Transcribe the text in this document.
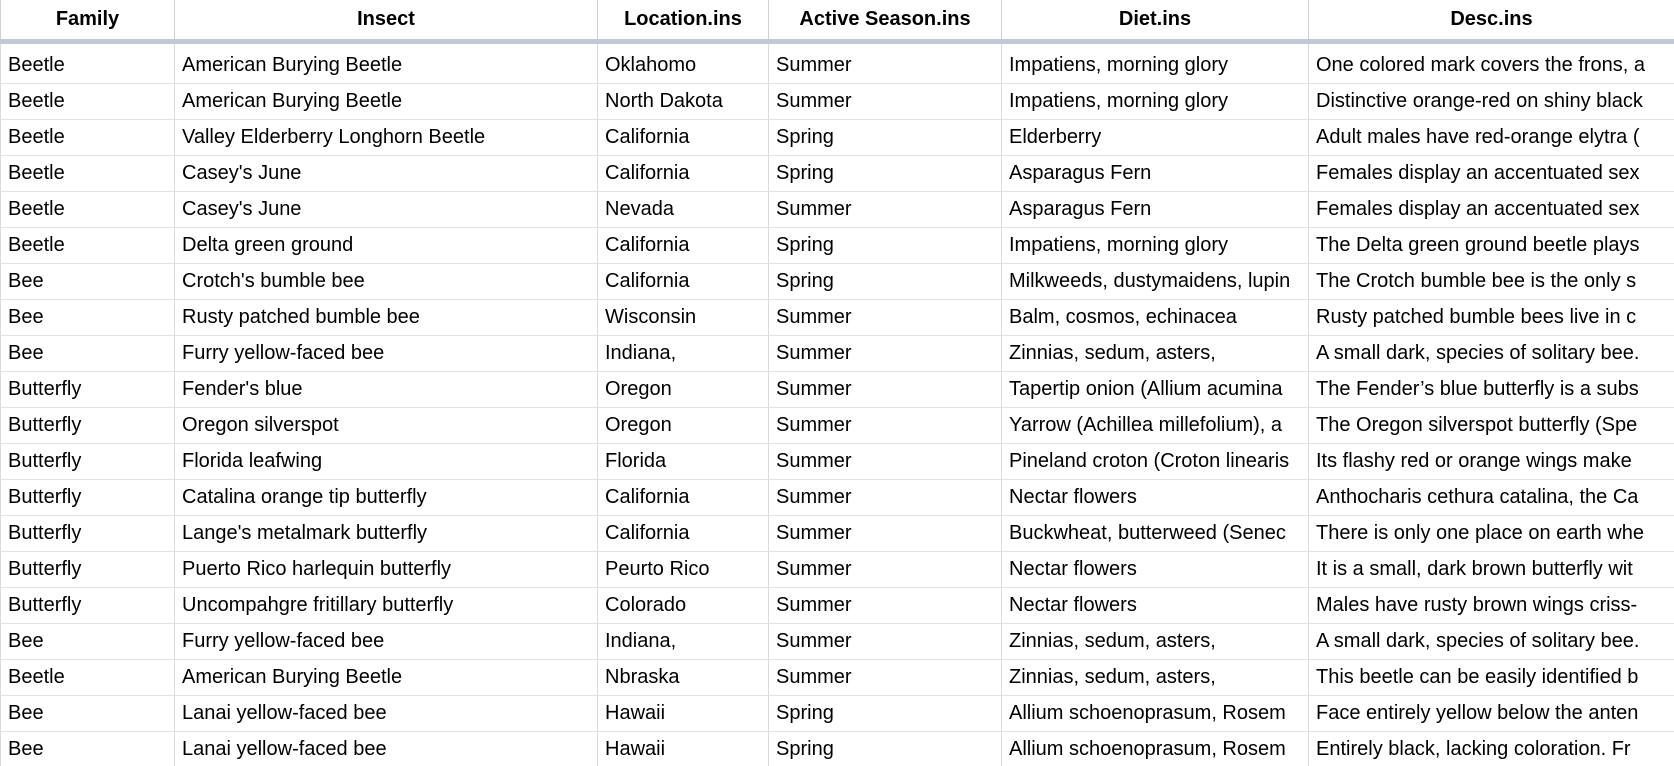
Family	Insect	Location.ins	Active Season.ins	Diet.ins	Desc.ins
Beetle	American Burying Beetle	Oklahomo	Summer	Impatiens, morning glory	One colored mark covers the frons, a
Beetle	American Burying Beetle	North Dakota	Summer	Impatiens, morning glory	Distinctive orange-red on shiny black
Beetle	Valley Elderberry Longhorn Beetle	California	Spring	Elderberry	Adult males have red-orange elytra (
Beetle	Casey's June	California	Spring	Asparagus Fern	Females display an accentuated sex
Beetle	Casey's June	Nevada	Summer	Asparagus Fern	Females display an accentuated sex
Beetle	Delta green ground	California	Spring	Impatiens, morning glory	The Delta green ground beetle plays
Bee	Crotch's bumble bee	California	Spring	Milkweeds, dustymaidens, lupin	The Crotch bumble bee is the only s
Bee	Rusty patched bumble bee	Wisconsin	Summer	Balm, cosmos, echinacea	Rusty patched bumble bees live in c
Bee	Furry yellow-faced bee	Indiana,	Summer	Zinnias, sedum, asters,	A small dark, species of solitary bee.
Butterfly	Fender's blue	Oregon	Summer	Tapertip onion (Allium acumina	The Fender’s blue butterfly is a subs
Butterfly	Oregon silverspot	Oregon	Summer	Yarrow (Achillea millefolium), a	The Oregon silverspot butterfly (Spe
Butterfly	Florida leafwing	Florida	Summer	Pineland croton (Croton linearis	Its flashy red or orange wings make
Butterfly	Catalina orange tip butterfly	California	Summer	Nectar flowers	Anthocharis cethura catalina, the Ca
Butterfly	Lange's metalmark butterfly	California	Summer	Buckwheat, butterweed (Senec	There is only one place on earth whe
Butterfly	Puerto Rico harlequin butterfly	Peurto Rico	Summer	Nectar flowers	It is a small, dark brown butterfly wit
Butterfly	Uncompahgre fritillary butterfly	Colorado	Summer	Nectar flowers	Males have rusty brown wings criss-
Bee	Furry yellow-faced bee	Indiana,	Summer	Zinnias, sedum, asters,	A small dark, species of solitary bee.
Beetle	American Burying Beetle	Nbraska	Summer	Zinnias, sedum, asters,	This beetle can be easily identified b
Bee	Lanai yellow-faced bee	Hawaii	Spring	Allium schoenoprasum, Rosem	Face entirely yellow below the anten
Bee	Lanai yellow-faced bee	Hawaii	Spring	Allium schoenoprasum, Rosem	Entirely black, lacking coloration. Fr
